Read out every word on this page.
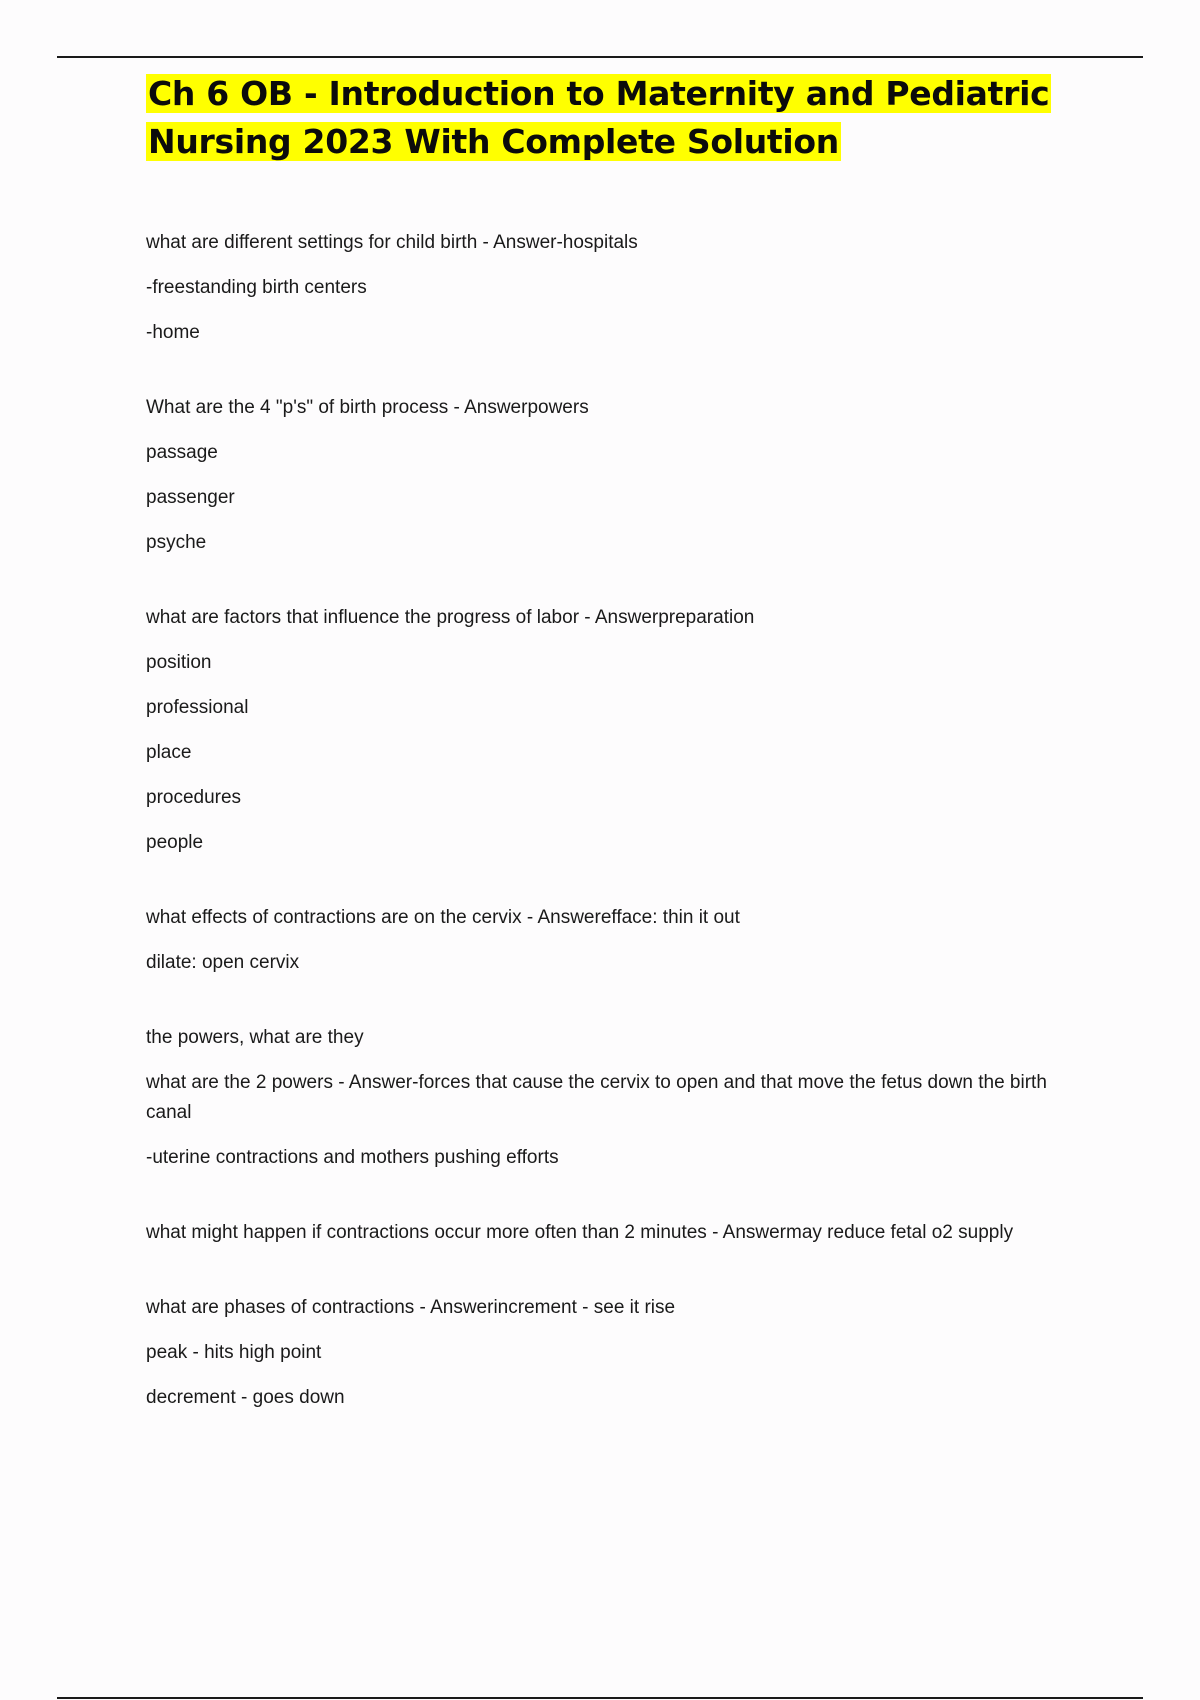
Ch 6 OB - Introduction to Maternity and Pediatric
Nursing 2023 With Complete Solution

what are different settings for child birth - Answer-hospitals

-freestanding birth centers

-home

What are the 4 "p's" of birth process - Answerpowers

passage

passenger

psyche

what are factors that influence the progress of labor - Answerpreparation

position

professional

place

procedures

people

what effects of contractions are on the cervix - Answerefface: thin it out

dilate: open cervix

the powers, what are they

what are the 2 powers - Answer-forces that cause the cervix to open and that move the fetus down the birth canal

-uterine contractions and mothers pushing efforts

what might happen if contractions occur more often than 2 minutes - Answermay reduce fetal o2 supply

what are phases of contractions - Answerincrement - see it rise

peak - hits high point

decrement - goes down
